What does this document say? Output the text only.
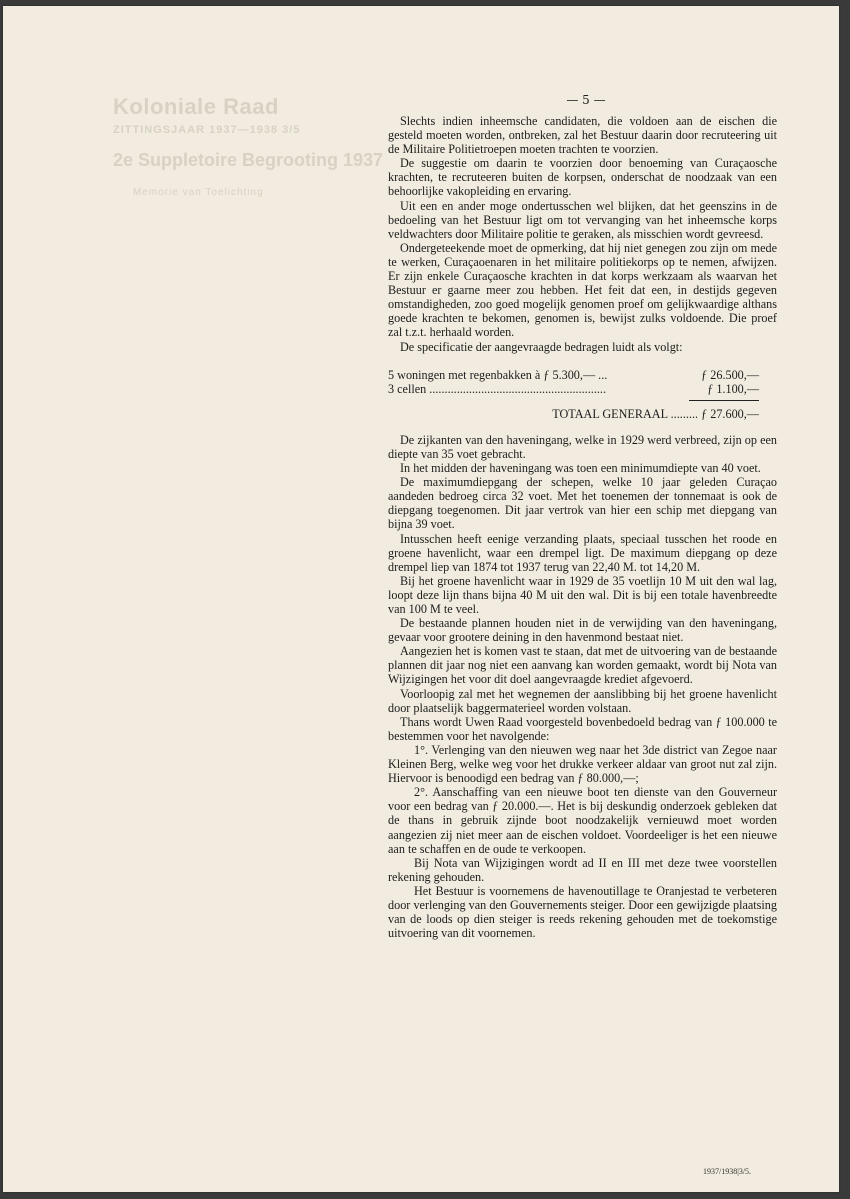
Koloniale Raad
ZITTINGSJAAR 1937—1938 3/5
2e Suppletoire Begrooting 1937
Memorie van Toelichting
— 5 —

Slechts indien inheemsche candidaten, die voldoen aan de eischen die gesteld moeten worden, ontbreken, zal het Bestuur daarin door recruteering uit de Militaire Politietroepen moeten trachten te voorzien.

De suggestie om daarin te voorzien door benoeming van Curaçaosche krachten, te recruteeren buiten de korpsen, onderschat de noodzaak van een behoorlijke vakopleiding en ervaring.

Uit een en ander moge ondertusschen wel blijken, dat het geenszins in de bedoeling van het Bestuur ligt om tot vervanging van het inheemsche korps veldwachters door Militaire politie te geraken, als misschien wordt gevreesd.

Ondergeteekende moet de opmerking, dat hij niet genegen zou zijn om mede te werken, Curaçaoenaren in het militaire politiekorps op te nemen, afwijzen. Er zijn enkele Curaçaosche krachten in dat korps werkzaam als waarvan het Bestuur er gaarne meer zou hebben. Het feit dat een, in destijds gegeven omstandigheden, zoo goed mogelijk genomen proef om gelijkwaardige althans goede krachten te bekomen, genomen is, bewijst zulks voldoende. Die proef zal t.z.t. herhaald worden.

De specificatie der aangevraagde bedragen luidt als volgt:

5 woningen met regenbakken à ƒ 5.300,— ...	ƒ 26.500,—
3 cellen ..........................................................	ƒ 1.100,—
TOTAAL GENERAAL ......... ƒ 27.600,—

De zijkanten van den haveningang, welke in 1929 werd verbreed, zijn op een diepte van 35 voet gebracht.

In het midden der haveningang was toen een minimumdiepte van 40 voet.

De maximumdiepgang der schepen, welke 10 jaar geleden Curaçao aandeden bedroeg circa 32 voet. Met het toenemen der tonnemaat is ook de diepgang toegenomen. Dit jaar vertrok van hier een schip met diepgang van bijna 39 voet.

Intusschen heeft eenige verzanding plaats, speciaal tusschen het roode en groene havenlicht, waar een drempel ligt. De maximum diepgang op deze drempel liep van 1874 tot 1937 terug van 22,40 M. tot 14,20 M.

Bij het groene havenlicht waar in 1929 de 35 voetlijn 10 M uit den wal lag, loopt deze lijn thans bijna 40 M uit den wal. Dit is bij een totale havenbreedte van 100 M te veel.

De bestaande plannen houden niet in de verwijding van den haveningang, gevaar voor grootere deining in den havenmond bestaat niet.

Aangezien het is komen vast te staan, dat met de uitvoering van de bestaande plannen dit jaar nog niet een aanvang kan worden gemaakt, wordt bij Nota van Wijzigingen het voor dit doel aangevraagde krediet afgevoerd.

Voorloopig zal met het wegnemen der aanslibbing bij het groene havenlicht door plaatselijk baggermaterieel worden volstaan.

Thans wordt Uwen Raad voorgesteld bovenbedoeld bedrag van ƒ 100.000 te bestemmen voor het navolgende:

1°. Verlenging van den nieuwen weg naar het 3de district van Zegoe naar Kleinen Berg, welke weg voor het drukke verkeer aldaar van groot nut zal zijn. Hiervoor is benoodigd een bedrag van ƒ 80.000,—;

2°. Aanschaffing van een nieuwe boot ten dienste van den Gouverneur voor een bedrag van ƒ 20.000.—. Het is bij deskundig onderzoek gebleken dat de thans in gebruik zijnde boot noodzakelijk vernieuwd moet worden aangezien zij niet meer aan de eischen voldoet. Voordeeliger is het een nieuwe aan te schaffen en de oude te verkoopen.

Bij Nota van Wijzigingen wordt ad II en III met deze twee voorstellen rekening gehouden.

Het Bestuur is voornemens de havenoutillage te Oranjestad te verbeteren door verlenging van den Gouvernements steiger. Door een gewijzigde plaatsing van de loods op dien steiger is reeds rekening gehouden met de toekomstige uitvoering van dit voornemen.

1937/1938|3/5.
